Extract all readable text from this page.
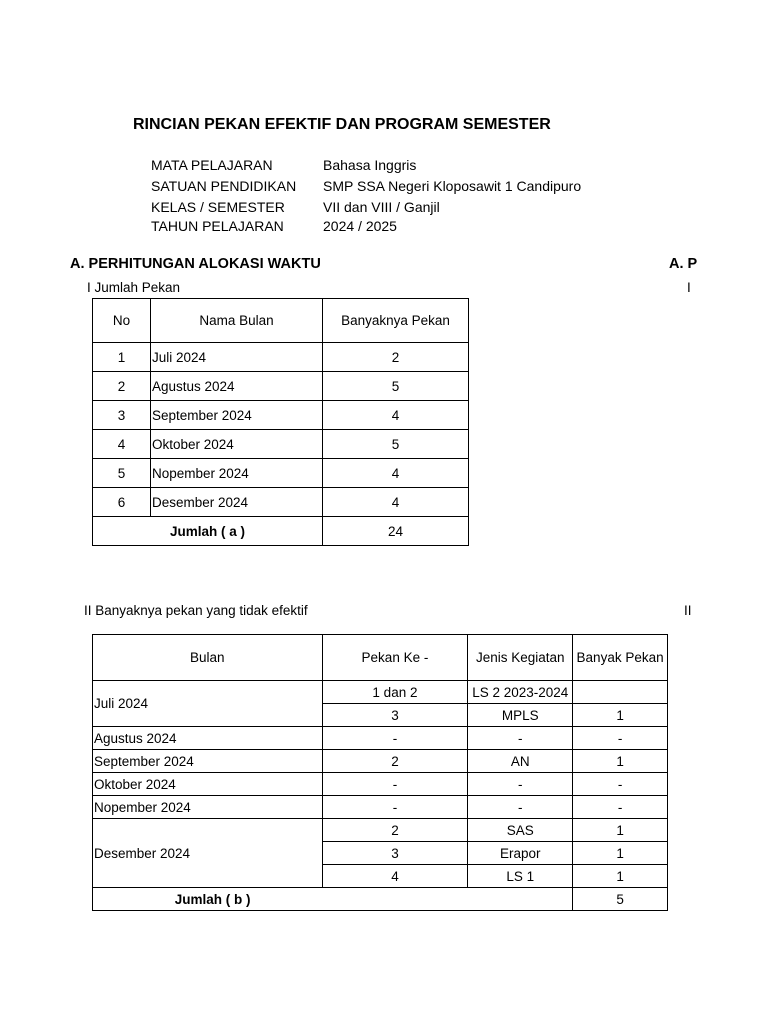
RINCIAN PEKAN EFEKTIF DAN PROGRAM SEMESTER
MATA PELAJARAN	Bahasa Inggris
SATUAN PENDIDIKAN SMP SSA Negeri Kloposawit 1 Candipuro
KELAS / SEMESTER	VII dan VIII / Ganjil
TAHUN PELAJARAN	2024 / 2025
A. PERHITUNGAN ALOKASI WAKTU	A. P
I Jumlah Pekan	I
No	Nama Bulan	Banyaknya Pekan
1	Juli 2024	2
2	Agustus 2024	5
3	September 2024	4
4	Oktober 2024	5
5	Nopember 2024	4
6	Desember 2024	4
Jumlah ( a )		24
II Banyaknya pekan yang tidak efektif	II
Bulan	Pekan Ke -	Jenis Kegiatan	Banyak Pekan
Juli 2024	1 dan 2	LS 2 2023-2024	
	3	MPLS	1
Agustus 2024	-	-	-
September 2024	2	AN	1
Oktober 2024	-	-	-
Nopember 2024	-	-	-
Desember 2024	2	SAS	1
	3	Erapor	1
	4	LS 1	1
Jumlah ( b )			5
